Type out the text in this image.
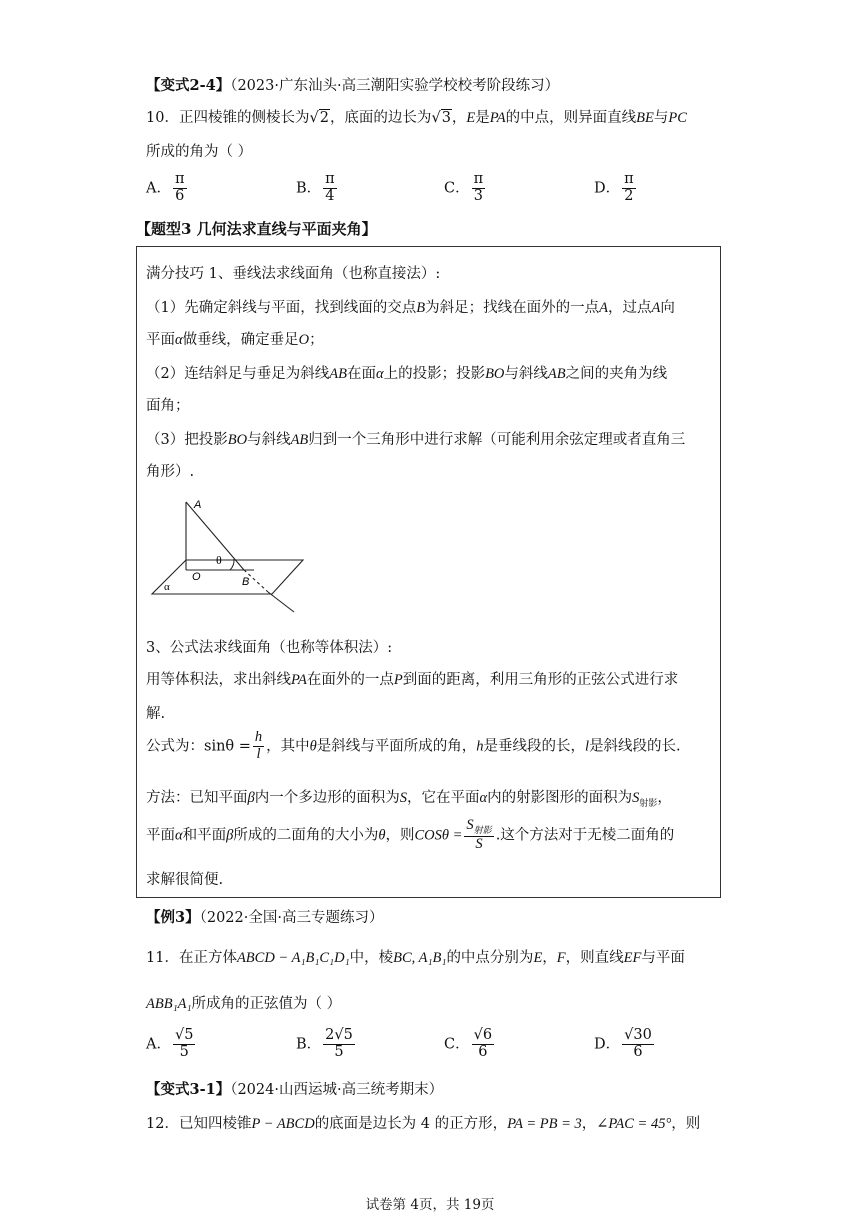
【变式2-4】（2023·广东汕头·高三潮阳实验学校校考阶段练习）
10．正四棱锥的侧棱长为√2，底面的边长为√3，E是PA的中点，则异面直线BE与PC
所成的角为（ ）
A． $\frac{\pi}{6}$	B． $\frac{\pi}{4}$	C． $\frac{\pi}{3}$	D． $\frac{\pi}{2}$
【题型3 几何法求直线与平面夹角】
满分技巧 1、垂线法求线面角（也称直接法）:
（1）先确定斜线与平面，找到线面的交点B为斜足；找线在面外的一点A，过点A向
平面α做垂线，确定垂足O；
（2）连结斜足与垂足为斜线AB在面α上的投影；投影BO与斜线AB之间的夹角为线
面角；
（3）把投影BO与斜线AB归到一个三角形中进行求解（可能利用余弦定理或者直角三
角形）.
A
O
θ
B
α
3、公式法求线面角（也称等体积法）:
用等体积法，求出斜线PA在面外的一点P到面的距离，利用三角形的正弦公式进行求
解.
公式为：$\sin\theta = \frac{h}{l}$ ，其中θ是斜线与平面所成的角，h是垂线段的长，l是斜线段的长.
方法：已知平面β内一个多边形的面积为S，它在平面α内的射影图形的面积为$S_{射影}$，
平面α和平面β所成的二面角的大小为θ，则$COS\theta = \frac{S_{射影}}{S}$ .这个方法对于无棱二面角的
求解很简便.
【例3】（2022·全国·高三专题练习）
11．在正方体ABCD − A₁B₁C₁D₁中，棱BC, A₁B₁的中点分别为E，F，则直线EF与平面
ABB₁A₁所成角的正弦值为（ ）
A． $\frac{√5}{5}$	B． $\frac{2√5}{5}$	C． $\frac{√6}{6}$	D． $\frac{√30}{6}$
【变式3-1】（2024·山西运城·高三统考期末）
12．已知四棱锥P − ABCD的底面是边长为 4 的正方形，PA = PB = 3，∠PAC = 45°，则
试卷第 4页，共 19页
